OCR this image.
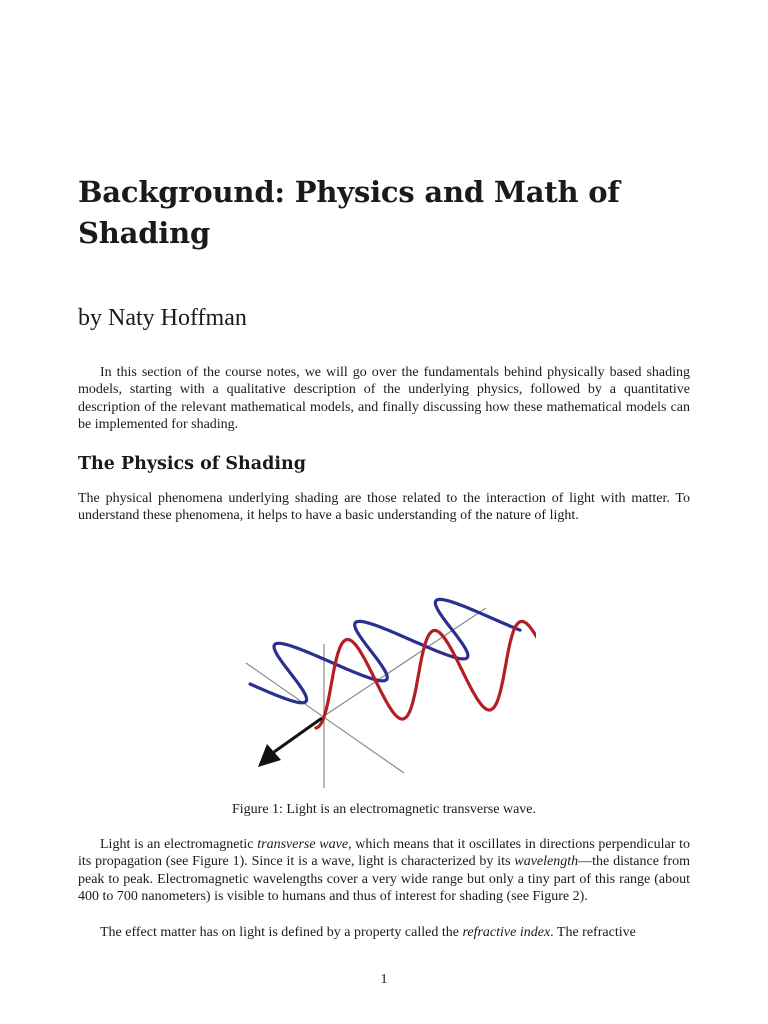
Background: Physics and Math of Shading
by Naty Hoffman

In this section of the course notes, we will go over the fundamentals behind physically based shading models, starting with a qualitative description of the underlying physics, followed by a quantitative description of the relevant mathematical models, and finally discussing how these mathematical models can be implemented for shading.

The Physics of Shading

The physical phenomena underlying shading are those related to the interaction of light with matter. To understand these phenomena, it helps to have a basic understanding of the nature of light.

Figure 1: Light is an electromagnetic transverse wave.

Light is an electromagnetic transverse wave, which means that it oscillates in directions perpendicular to its propagation (see Figure 1). Since it is a wave, light is characterized by its wavelength—the distance from peak to peak. Electromagnetic wavelengths cover a very wide range but only a tiny part of this range (about 400 to 700 nanometers) is visible to humans and thus of interest for shading (see Figure 2).

The effect matter has on light is defined by a property called the refractive index. The refractive

1
